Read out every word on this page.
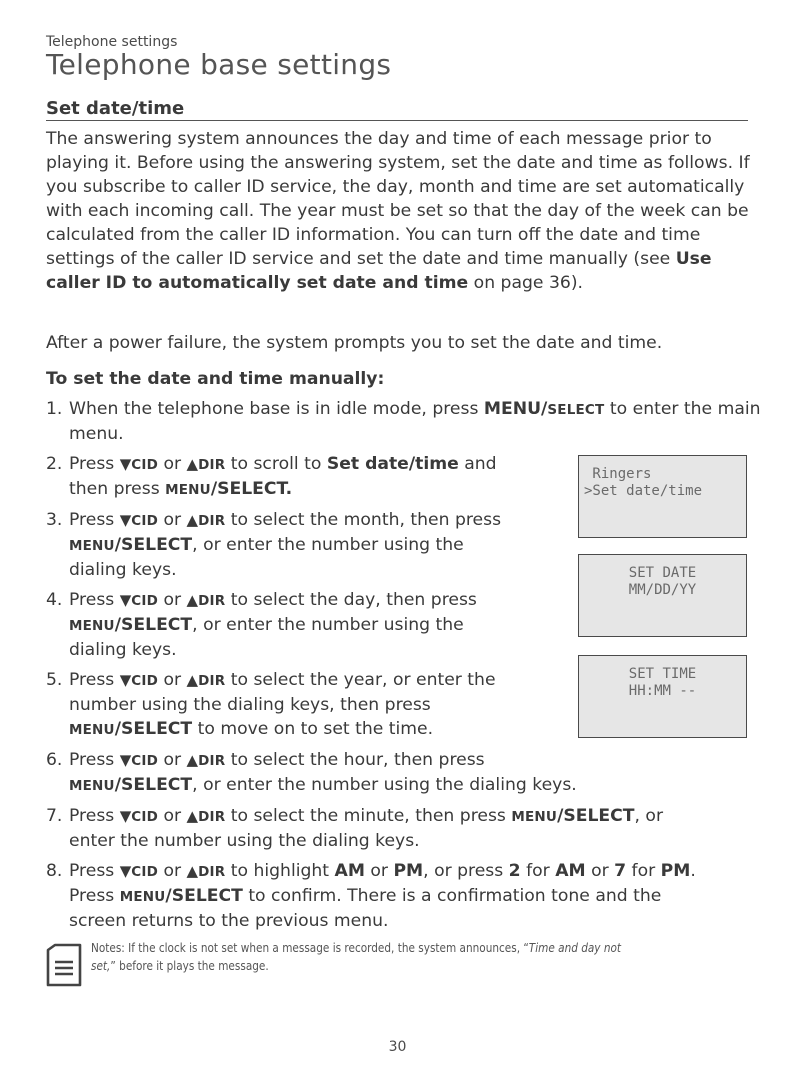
Telephone settings
Telephone base settings
Set date/time

The answering system announces the day and time of each message prior to playing it. Before using the answering system, set the date and time as follows. If you subscribe to caller ID service, the day, month and time are set automatically with each incoming call. The year must be set so that the day of the week can be calculated from the caller ID information. You can turn off the date and time settings of the caller ID service and set the date and time manually (see Use caller ID to automatically set date and time on page 36).

After a power failure, the system prompts you to set the date and time.
To set the date and time manually:
1. When the telephone base is in idle mode, press MENU/SELECT to enter the main menu.
2. Press ▼CID or ▲DIR to scroll to Set date/time and
then press MENU/SELECT.
3. Press ▼CID or ▲DIR to select the month, then press
MENU/SELECT, or enter the number using the
dialing keys.
4. Press ▼CID or ▲DIR to select the day, then press
MENU/SELECT, or enter the number using the
dialing keys.
5. Press ▼CID or ▲DIR to select the year, or enter the
number using the dialing keys, then press
MENU/SELECT to move on to set the time.
6. Press ▼CID or ▲DIR to select the hour, then press
MENU/SELECT, or enter the number using the dialing keys.
7. Press ▼CID or ▲DIR to select the minute, then press MENU/SELECT, or
enter the number using the dialing keys.
8. Press ▼CID or ▲DIR to highlight AM or PM, or press 2 for AM or 7 for PM.
Press MENU/SELECT to confirm. There is a confirmation tone and the
screen returns to the previous menu.
Ringers
>Set date/time
SET DATE
MM/DD/YY
SET TIME
HH:MM --
Notes: If the clock is not set when a message is recorded, the system announces, “Time and day not set,” before it plays the message.
30
